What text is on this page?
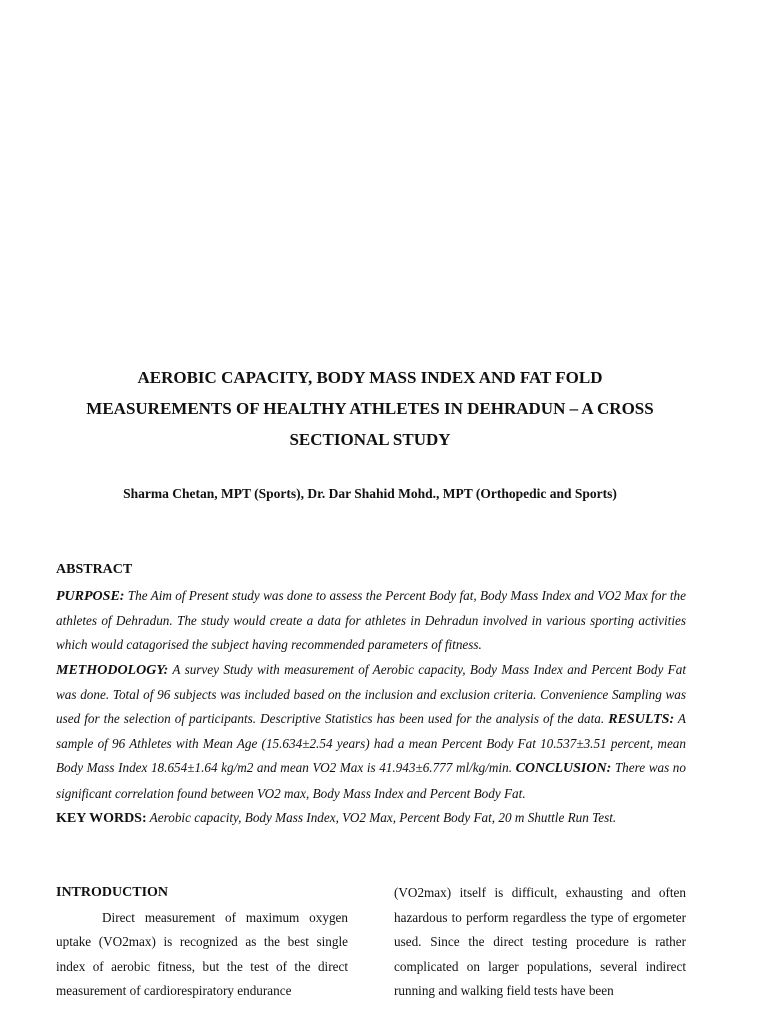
AEROBIC CAPACITY, BODY MASS INDEX AND FAT FOLD
MEASUREMENTS OF HEALTHY ATHLETES IN DEHRADUN – A CROSS
SECTIONAL STUDY
Sharma Chetan, MPT (Sports), Dr. Dar Shahid Mohd., MPT (Orthopedic and Sports)
ABSTRACT
PURPOSE: The Aim of Present study was done to assess the Percent Body fat, Body Mass Index and VO2 Max for the athletes of Dehradun. The study would create a data for athletes in Dehradun involved in various sporting activities which would catagorised the subject having recommended parameters of fitness.
METHODOLOGY: A survey Study with measurement of Aerobic capacity, Body Mass Index and Percent Body Fat was done. Total of 96 subjects was included based on the inclusion and exclusion criteria. Convenience Sampling was used for the selection of participants. Descriptive Statistics has been used for the analysis of the data. RESULTS: A sample of 96 Athletes with Mean Age (15.634±2.54 years) had a mean Percent Body Fat 10.537±3.51 percent, mean Body Mass Index 18.654±1.64 kg/m2 and mean VO2 Max is 41.943±6.777 ml/kg/min. CONCLUSION: There was no significant correlation found between VO2 max, Body Mass Index and Percent Body Fat.
KEY WORDS: Aerobic capacity, Body Mass Index, VO2 Max, Percent Body Fat, 20 m Shuttle Run Test.
INTRODUCTION
Direct measurement of maximum oxygen uptake (VO2max) is recognized as the best single index of aerobic fitness, but the test of the direct measurement of cardiorespiratory endurance
(VO2max) itself is difficult, exhausting and often hazardous to perform regardless the type of ergometer used. Since the direct testing procedure is rather complicated on larger populations, several indirect running and walking field tests have been
